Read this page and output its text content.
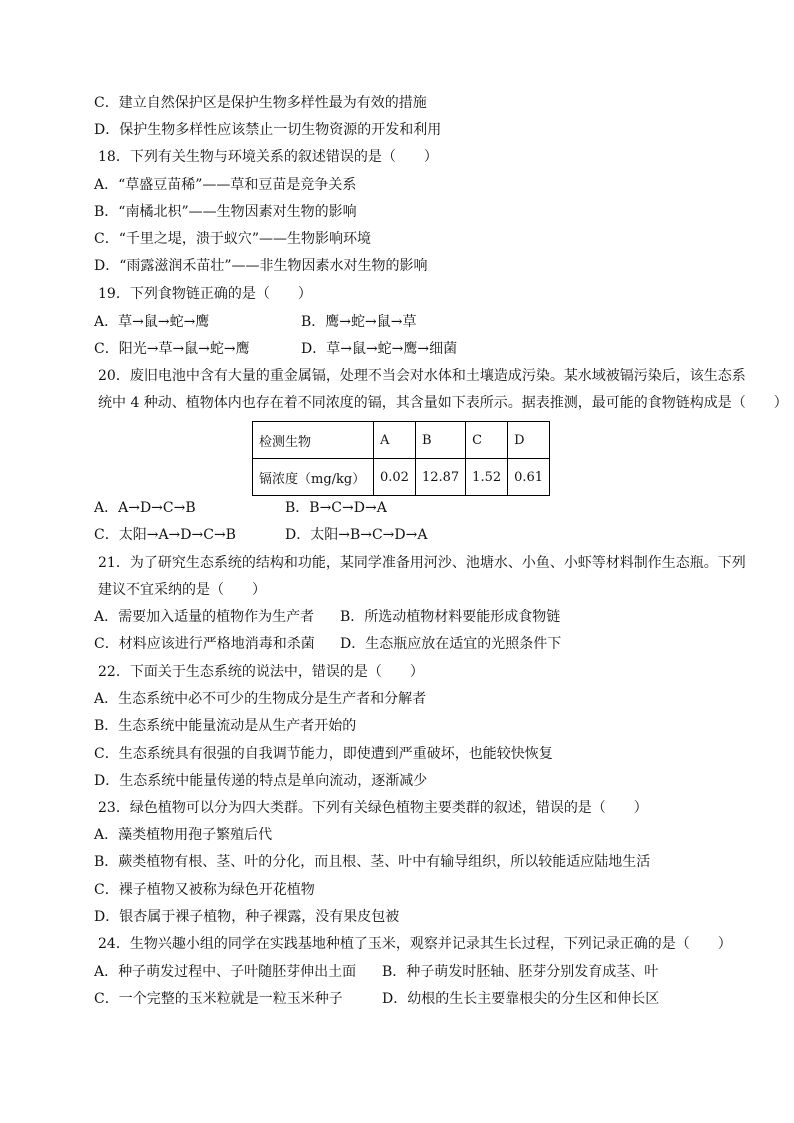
C．建立自然保护区是保护生物多样性最为有效的措施
D．保护生物多样性应该禁止一切生物资源的开发和利用
18．下列有关生物与环境关系的叙述错误的是（　　）
A．“草盛豆苗稀”——草和豆苗是竞争关系
B．“南橘北枳”——生物因素对生物的影响
C．“千里之堤，溃于蚁穴”——生物影响环境
D．“雨露滋润禾苗壮”——非生物因素水对生物的影响
19．下列食物链正确的是（　　）
A．草→鼠→蛇→鹰	B．鹰→蛇→鼠→草
C．阳光→草→鼠→蛇→鹰	D．草→鼠→蛇→鹰→细菌
20．废旧电池中含有大量的重金属镉，处理不当会对水体和土壤造成污染。某水域被镉污染后，该生态系
统中 4 种动、植物体内也存在着不同浓度的镉，其含量如下表所示。据表推测，最可能的食物链构成是（　　）
检测生物	A	B	C	D
镉浓度（mg/kg）	0.02	12.87	1.52	0.61
A．A→D→C→B	B．B→C→D→A
C．太阳→A→D→C→B	D．太阳→B→C→D→A
21．为了研究生态系统的结构和功能，某同学准备用河沙、池塘水、小鱼、小虾等材料制作生态瓶。下列
建议不宜采纳的是（　　）
A．需要加入适量的植物作为生产者 B．所选动植物材料要能形成食物链
C．材料应该进行严格地消毒和杀菌 D．生态瓶应放在适宜的光照条件下
22．下面关于生态系统的说法中，错误的是（　　）
A．生态系统中必不可少的生物成分是生产者和分解者
B．生态系统中能量流动是从生产者开始的
C．生态系统具有很强的自我调节能力，即使遭到严重破坏，也能较快恢复
D．生态系统中能量传递的特点是单向流动，逐渐减少
23．绿色植物可以分为四大类群。下列有关绿色植物主要类群的叙述，错误的是（　　）
A．藻类植物用孢子繁殖后代
B．蕨类植物有根、茎、叶的分化，而且根、茎、叶中有输导组织，所以较能适应陆地生活
C．裸子植物又被称为绿色开花植物
D．银杏属于裸子植物，种子裸露，没有果皮包被
24．生物兴趣小组的同学在实践基地种植了玉米，观察并记录其生长过程，下列记录正确的是（　　）
A．种子萌发过程中、子叶随胚芽伸出土面 B．种子萌发时胚轴、胚芽分别发育成茎、叶
C．一个完整的玉米粒就是一粒玉米种子	D．幼根的生长主要靠根尖的分生区和伸长区
